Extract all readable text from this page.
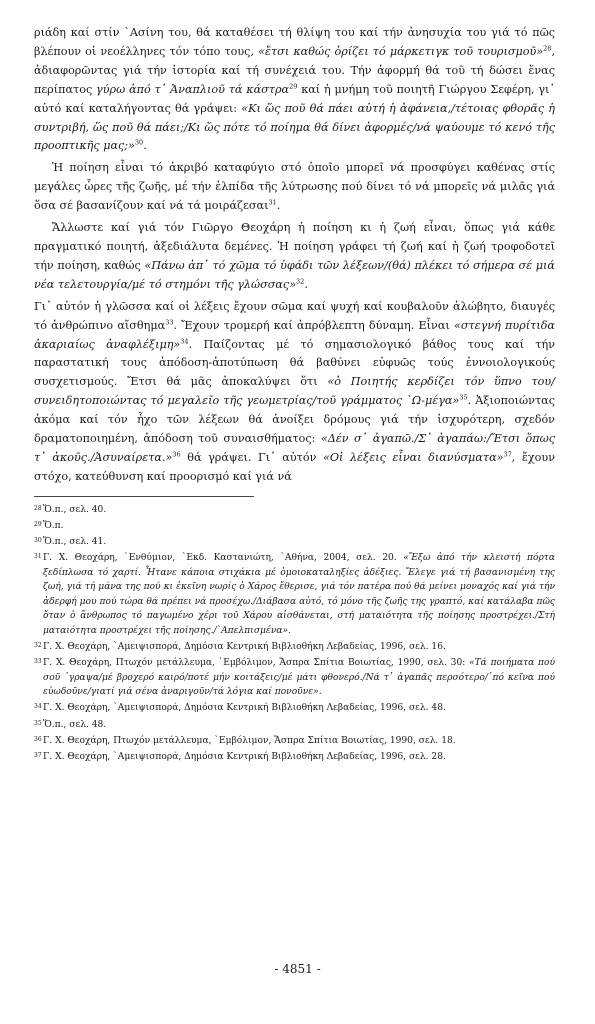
ριάδη καί στίν `Ασίνη του, θά καταθέσει τή θλίψη του καί τήν ἀνησυχία του γιά τό πῶς βλέπουν οἱ νεοέλληνες τόν τόπο τους, «ἔτσι καθώς ὁρίζει τό μάρκετιγκ τοῦ τουρισμοῦ»$^{28}$, ἀδιαφορῶντας γιά τήν ἱστορία καί τή συνέχειά του. Τήν ἀφορμή θά τοῦ τή δώσει ἕνας περίπατος γύρω ἀπό τ᾿ Ἀναπλιοῦ τά κάστρα$^{29}$ καί ἡ μνήμη τοῦ ποιητῆ Γιώργου Σεφέρη, γι᾿ αὐτό καί καταλήγοντας θά γράψει: «Κι ὥς ποῦ θά πάει αὐτή ἡ ἀφάνεια,/τέτοιας φθορᾶς ἡ συντριβή, ὥς ποῦ θά πάει;/Κι ὥς πότε τό ποίημα θά δίνει ἀφορμές/νά ψαύουμε τό κενό τῆς προοπτικῆς μας;»$^{30}$.

Ἡ ποίηση εἶναι τό ἀκριβό καταφύγιο στό ὁποῖο μπορεῖ νά προσφύγει καθένας στίς μεγάλες ὧρες τῆς ζωῆς, μέ τήν ἐλπίδα τῆς λύτρωσης πού δίνει τό νά μπορεῖς νά μιλᾶς γιά ὅσα σέ βασανίζουν καί νά τά μοιράζεσαι$^{31}$.

Ἄλλωστε καί γιά τόν Γιῶργο Θεοχάρη ἡ ποίηση κι ἡ ζωή εἶναι, ὅπως γιά κάθε πραγματικό ποιητή, ἀξεδιάλυτα δεμένες. Ἡ ποίηση γράφει τή ζωή καί ἡ ζωή τροφοδοτεῖ τήν ποίηση, καθώς «Πάνω ἀπ᾿ τό χῶμα τό ὑφάδι τῶν λέξεων/(θά) πλέκει τό σήμερα σέ μιά νέα τελετουργία/μέ τό στημόνι τῆς γλώσσας»$^{32}$.

Γι᾿ αὐτόν ἡ γλῶσσα καί οἱ λέξεις ἔχουν σῶμα καί ψυχή καί κουβαλοῦν ἀλώβητο, διαυγές τό ἀνθρώπινο αἴσθημα$^{33}$. Ἔχουν τρομερή καί ἀπρόβλεπτη δύναμη. Εἶναι «στεγνή πυρίτιδα ἀκαριαίως ἀναφλέξιμη»$^{34}$. Παίζοντας μέ τό σημασιολογικό βάθος τους καί τήν παραστατική τους ἀπόδοση-ἀποτύπωση θά βαθύνει εὐφυῶς τούς ἐννοιολογικούς συσχετισμούς. Ἔτσι θά μᾶς ἀποκαλύψει ὅτι «ὁ Ποιητής κερδίζει τόν ὕπνο του/συνειδητοποιώντας τό μεγαλεῖο τῆς γεωμετρίας/τοῦ γράμματος `Ω-μέγα»$^{35}$. Ἀξιοποιώντας ἀκόμα καί τόν ἦχο τῶν λέξεων θά ἀνοίξει δρόμους γιά τήν ἰσχυρότερη, σχεδόν δραματοποιημένη, ἀπόδοση τοῦ συναισθήματος: «Δέν σ᾿ ἀγαπῶ./Σ᾿ ἀγαπάω:/Ἔτσι ὅπως τ᾿ ἀκοῦς./Ἀσυναίρετα.»$^{36}$ θά γράψει. Γι᾿ αὐτόν «Οἱ λέξεις εἶναι διανύσματα»$^{37}$, ἔχουν στόχο, κατεύθυνση καί προορισμό καί γιά νά

28 Ὅ.π., σελ. 40.
29 Ὅ.π.
30 Ὅ.π., σελ. 41.
31 Γ. Χ. Θεοχάρη, `Ενθύμιον, `Εκδ. Καστανιώτη, `Αθήνα, 2004, σελ. 20. «Ἔξω ἀπό τήν κλειστή πόρτα ξεδίπλωσα τό χαρτί. Ἦτανε κάποια στιχάκια μέ ὁμοιοκαταληξίες ἀδέξιες. Ἔλεγε γιά τή βασανισμένη της ζωή, γιά τή μάνα της πού κι ἐκεῖνη νωρίς ὁ Χάρος ἔθερισε, γιά τόν πατέρα πού θά μείνει μοναχός καί γιά τήν ἀδερφή μου πού τώρα θά πρέπει νά προσέχω./Διάβασα αὐτό, τό μόνο τῆς ζωῆς της γραπτό, καί κατάλαβα πῶς ὅταν ὁ ἄνθρωπος τό παγωμένο χέρι τοῦ Χάρου αἰσθάνεται, στή ματαιότητα τῆς ποίησης προστρέχει./Στή ματαιότητα προστρέχει τῆς ποίησης./`Απελπισμένα».
32 Γ. Χ. Θεοχάρη, `Αμειψισπορά, Δημόσια Κεντρική Βιβλιοθήκη Λεβαδείας, 1996, σελ. 16.
33 Γ. Χ. Θεοχάρη, Πτωχόν μετάλλευμα, `Εμβόλιμον, Ἄσπρα Σπίτια Βοιωτίας, 1990, σελ. 30: «Τά ποιήματα πού σοῦ ᾿γραψα/μέ βροχερό καιρό/ποτέ μήν κοιτάξεις/μέ μάτι φθονερό./Νά τ᾿ ἀγαπᾶς περσότερο/᾿πό κεῖνα πού εὐωδοῦνε/γιατί γιά σένα ἀναριγοῦν/τά λόγια καί πονοῦνε».
34 Γ. Χ. Θεοχάρη, `Αμειψισπορά, Δημόσια Κεντρική Βιβλιοθήκη Λεβαδείας, 1996, σελ. 48.
35 Ὅ.π., σελ. 48.
36 Γ. Χ. Θεοχάρη, Πτωχόν μετάλλευμα, `Εμβόλιμον, Ἄσπρα Σπίτια Βοιωτίας, 1990, σελ. 18.
37 Γ. Χ. Θεοχάρη, `Αμειψισπορά, Δημόσια Κεντρική Βιβλιοθήκη Λεβαδείας, 1996, σελ. 28.
- 4851 -
